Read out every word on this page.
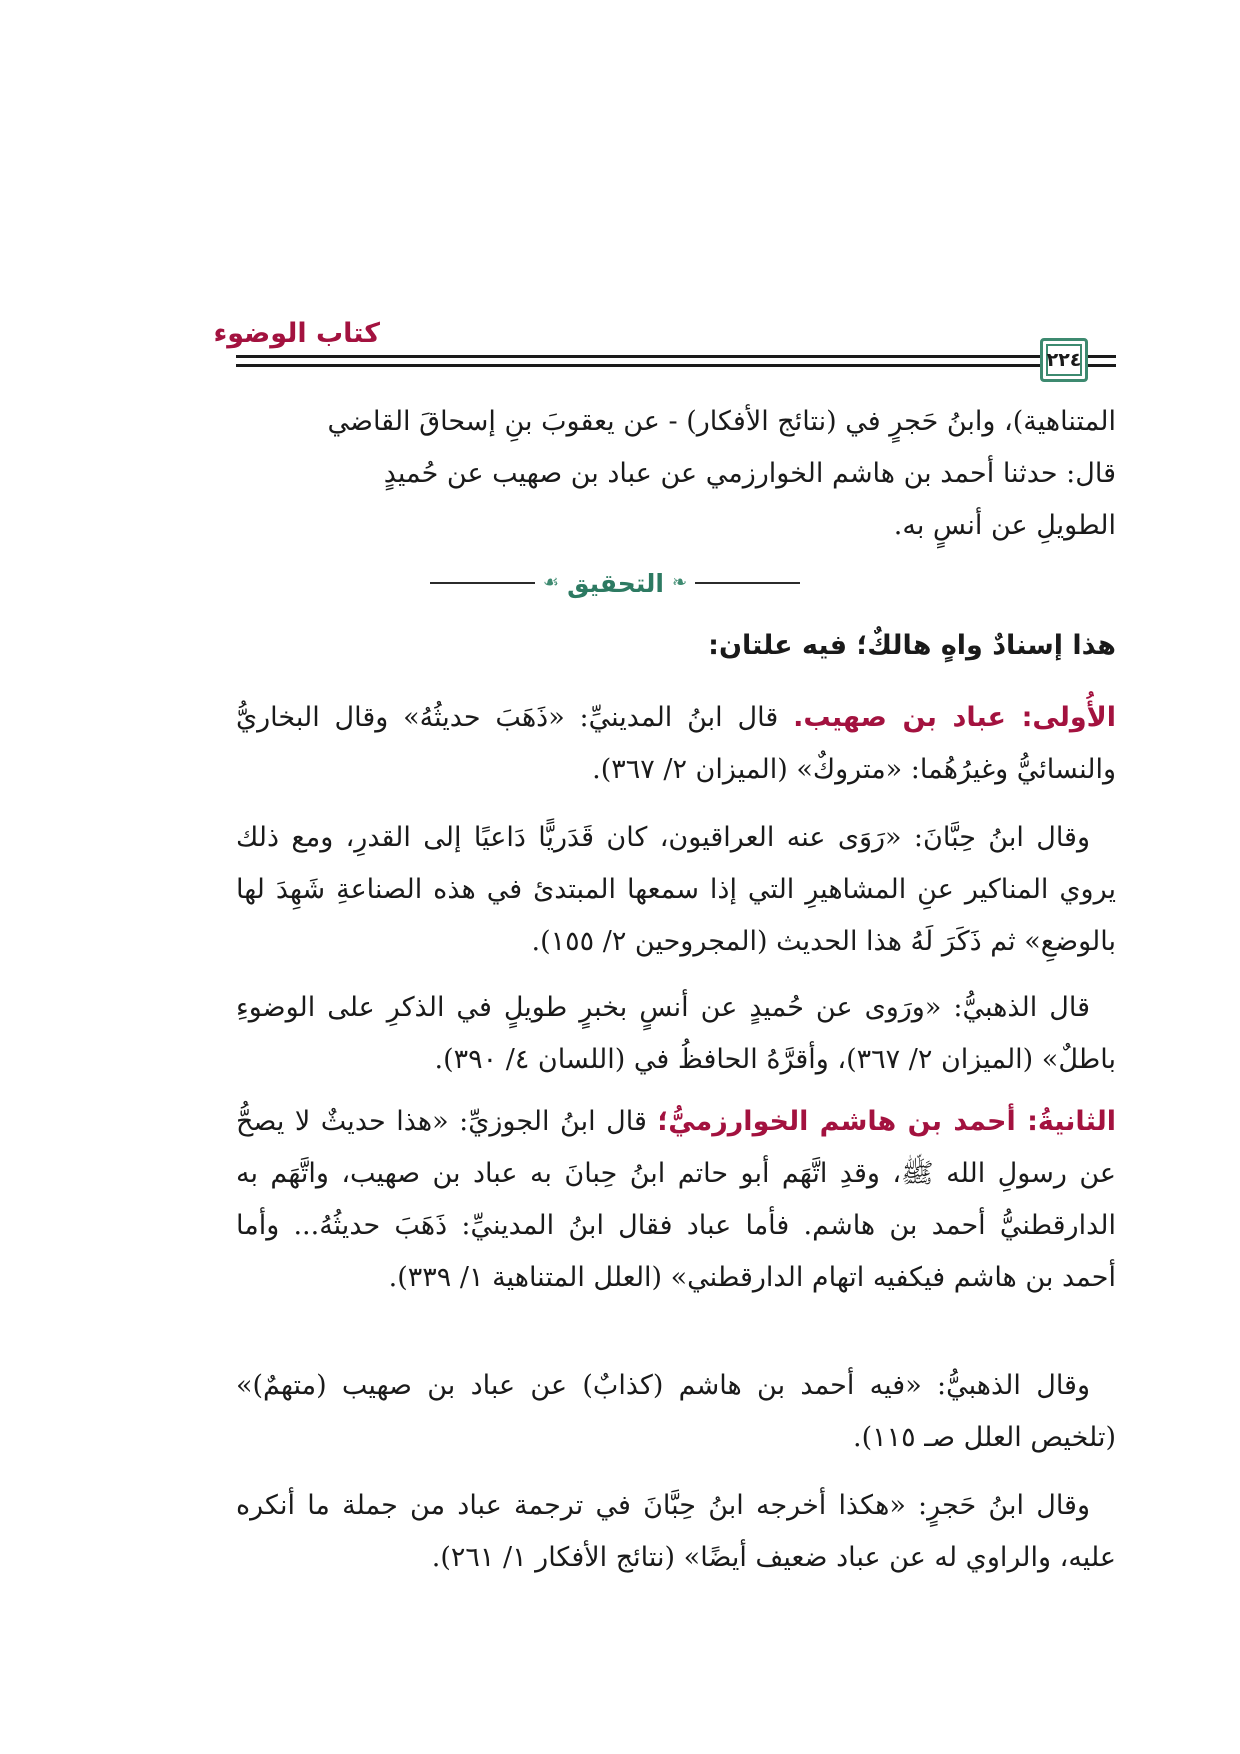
كتاب الوضوء
٢٢٤
المتناهية)، وابنُ حَجرٍ في (نتائج الأفكار) - عن يعقوبَ بنِ إسحاقَ القاضي
قال: حدثنا أحمد بن هاشم الخوارزمي عن عباد بن صهيب عن حُميدٍ
الطويلِ عن أنسٍ به.
❧
التحقيق
☙
هذا إسنادٌ واهٍ هالكٌ؛ فيه علتان:
الأُولى: عباد بن صهيب. قال ابنُ المدينيِّ: «ذَهَبَ حديثُهُ» وقال البخاريُّ والنسائيُّ وغيرُهُما: «متروكٌ» (الميزان ٢/ ٣٦٧).
وقال ابنُ حِبَّانَ: «رَوَى عنه العراقيون، كان قَدَريًّا دَاعيًا إلى القدرِ، ومع ذلك يروي المناكير عنِ المشاهيرِ التي إذا سمعها المبتدئ في هذه الصناعةِ شَهِدَ لها بالوضعِ» ثم ذَكَرَ لَهُ هذا الحديث (المجروحين ٢/ ١٥٥).
قال الذهبيُّ: «ورَوى عن حُميدٍ عن أنسٍ بخبرٍ طويلٍ في الذكرِ على الوضوءِ باطلٌ» (الميزان ٢/ ٣٦٧)، وأقرَّهُ الحافظُ في (اللسان ٤/ ٣٩٠).
الثانيةُ: أحمد بن هاشم الخوارزميُّ؛ قال ابنُ الجوزيِّ: «هذا حديثٌ لا يصحُّ عن رسولِ الله ﷺ، وقدِ اتَّهَم أبو حاتم ابنُ حِبانَ به عباد بن صهيب، واتَّهَم به الدارقطنيُّ أحمد بن هاشم. فأما عباد فقال ابنُ المدينيِّ: ذَهَبَ حديثُهُ... وأما أحمد بن هاشم فيكفيه اتهام الدارقطني» (العلل المتناهية ١/ ٣٣٩).
وقال الذهبيُّ: «فيه أحمد بن هاشم (كذابٌ) عن عباد بن صهيب (متهمٌ)» (تلخيص العلل صـ ١١٥).
وقال ابنُ حَجرٍ: «هكذا أخرجه ابنُ حِبَّانَ في ترجمة عباد من جملة ما أنكره عليه، والراوي له عن عباد ضعيف أيضًا» (نتائج الأفكار ١/ ٢٦١).
